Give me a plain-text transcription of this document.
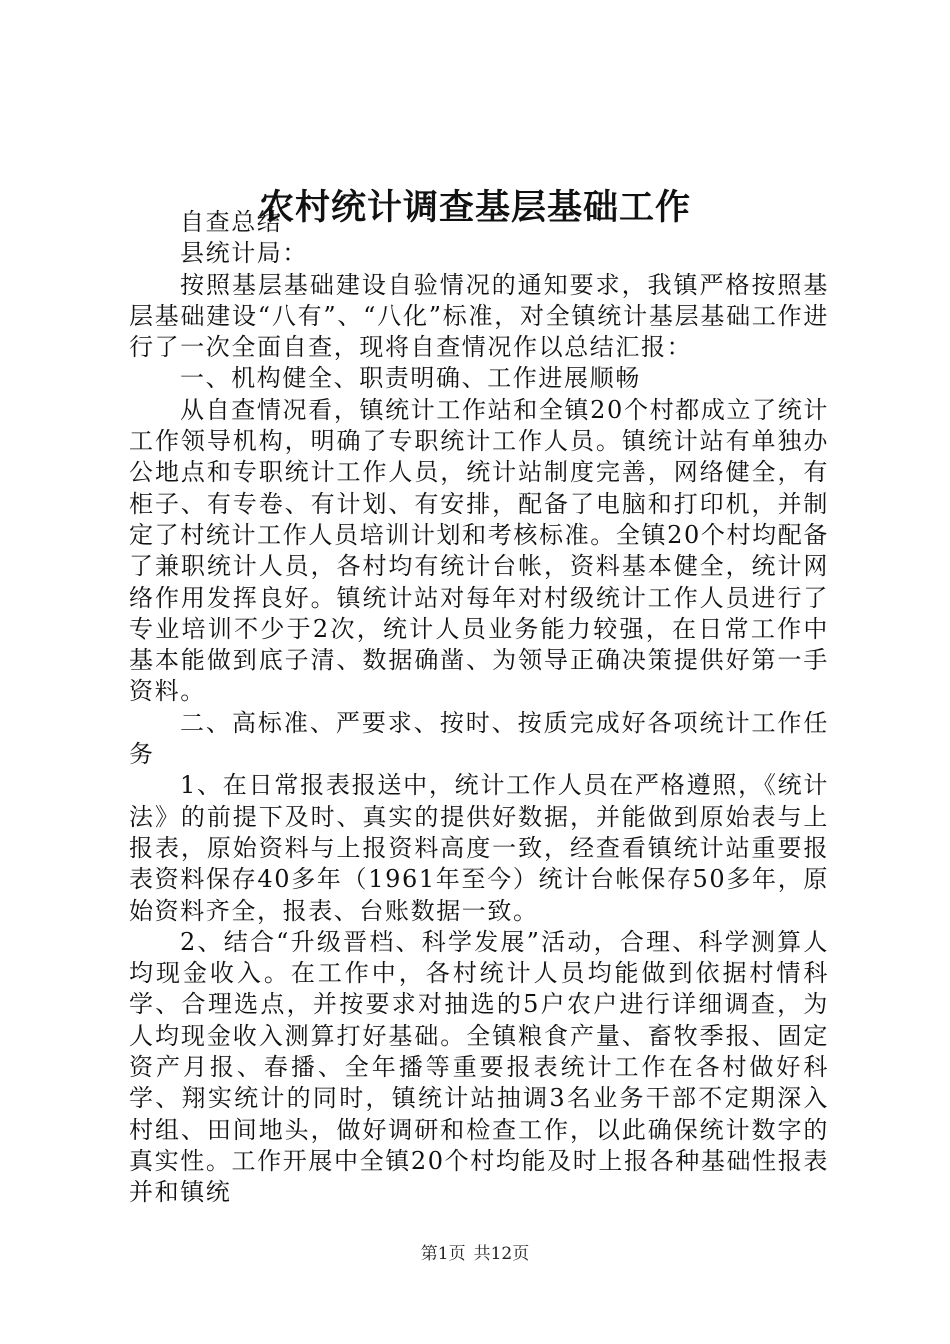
农村统计调查基层基础工作

自查总结

县统计局：

按照基层基础建设自验情况的通知要求，我镇严格按照基层基础建设“八有”、“八化”标准，对全镇统计基层基础工作进行了一次全面自查，现将自查情况作以总结汇报：

一、机构健全、职责明确、工作进展顺畅

从自查情况看，镇统计工作站和全镇20个村都成立了统计工作领导机构，明确了专职统计工作人员。镇统计站有单独办公地点和专职统计工作人员，统计站制度完善，网络健全，有柜子、有专卷、有计划、有安排，配备了电脑和打印机，并制定了村统计工作人员培训计划和考核标准。全镇20个村均配备了兼职统计人员，各村均有统计台帐，资料基本健全，统计网络作用发挥良好。镇统计站对每年对村级统计工作人员进行了专业培训不少于2次，统计人员业务能力较强，在日常工作中基本能做到底子清、数据确凿、为领导正确决策提供好第一手资料。

二、高标准、严要求、按时、按质完成好各项统计工作任务

1、在日常报表报送中，统计工作人员在严格遵照，《统计法》的前提下及时、真实的提供好数据，并能做到原始表与上报表，原始资料与上报资料高度一致，经查看镇统计站重要报表资料保存40多年（1961年至今）统计台帐保存50多年，原始资料齐全，报表、台账数据一致。

2、结合“升级晋档、科学发展”活动，合理、科学测算人均现金收入。在工作中，各村统计人员均能做到依据村情科学、合理选点，并按要求对抽选的5户农户进行详细调查，为人均现金收入测算打好基础。全镇粮食产量、畜牧季报、固定资产月报、春播、全年播等重要报表统计工作在各村做好科学、翔实统计的同时，镇统计站抽调3名业务干部不定期深入村组、田间地头，做好调研和检查工作，以此确保统计数字的真实性。工作开展中全镇20个村均能及时上报各种基础性报表并和镇统

第1页 共12页
